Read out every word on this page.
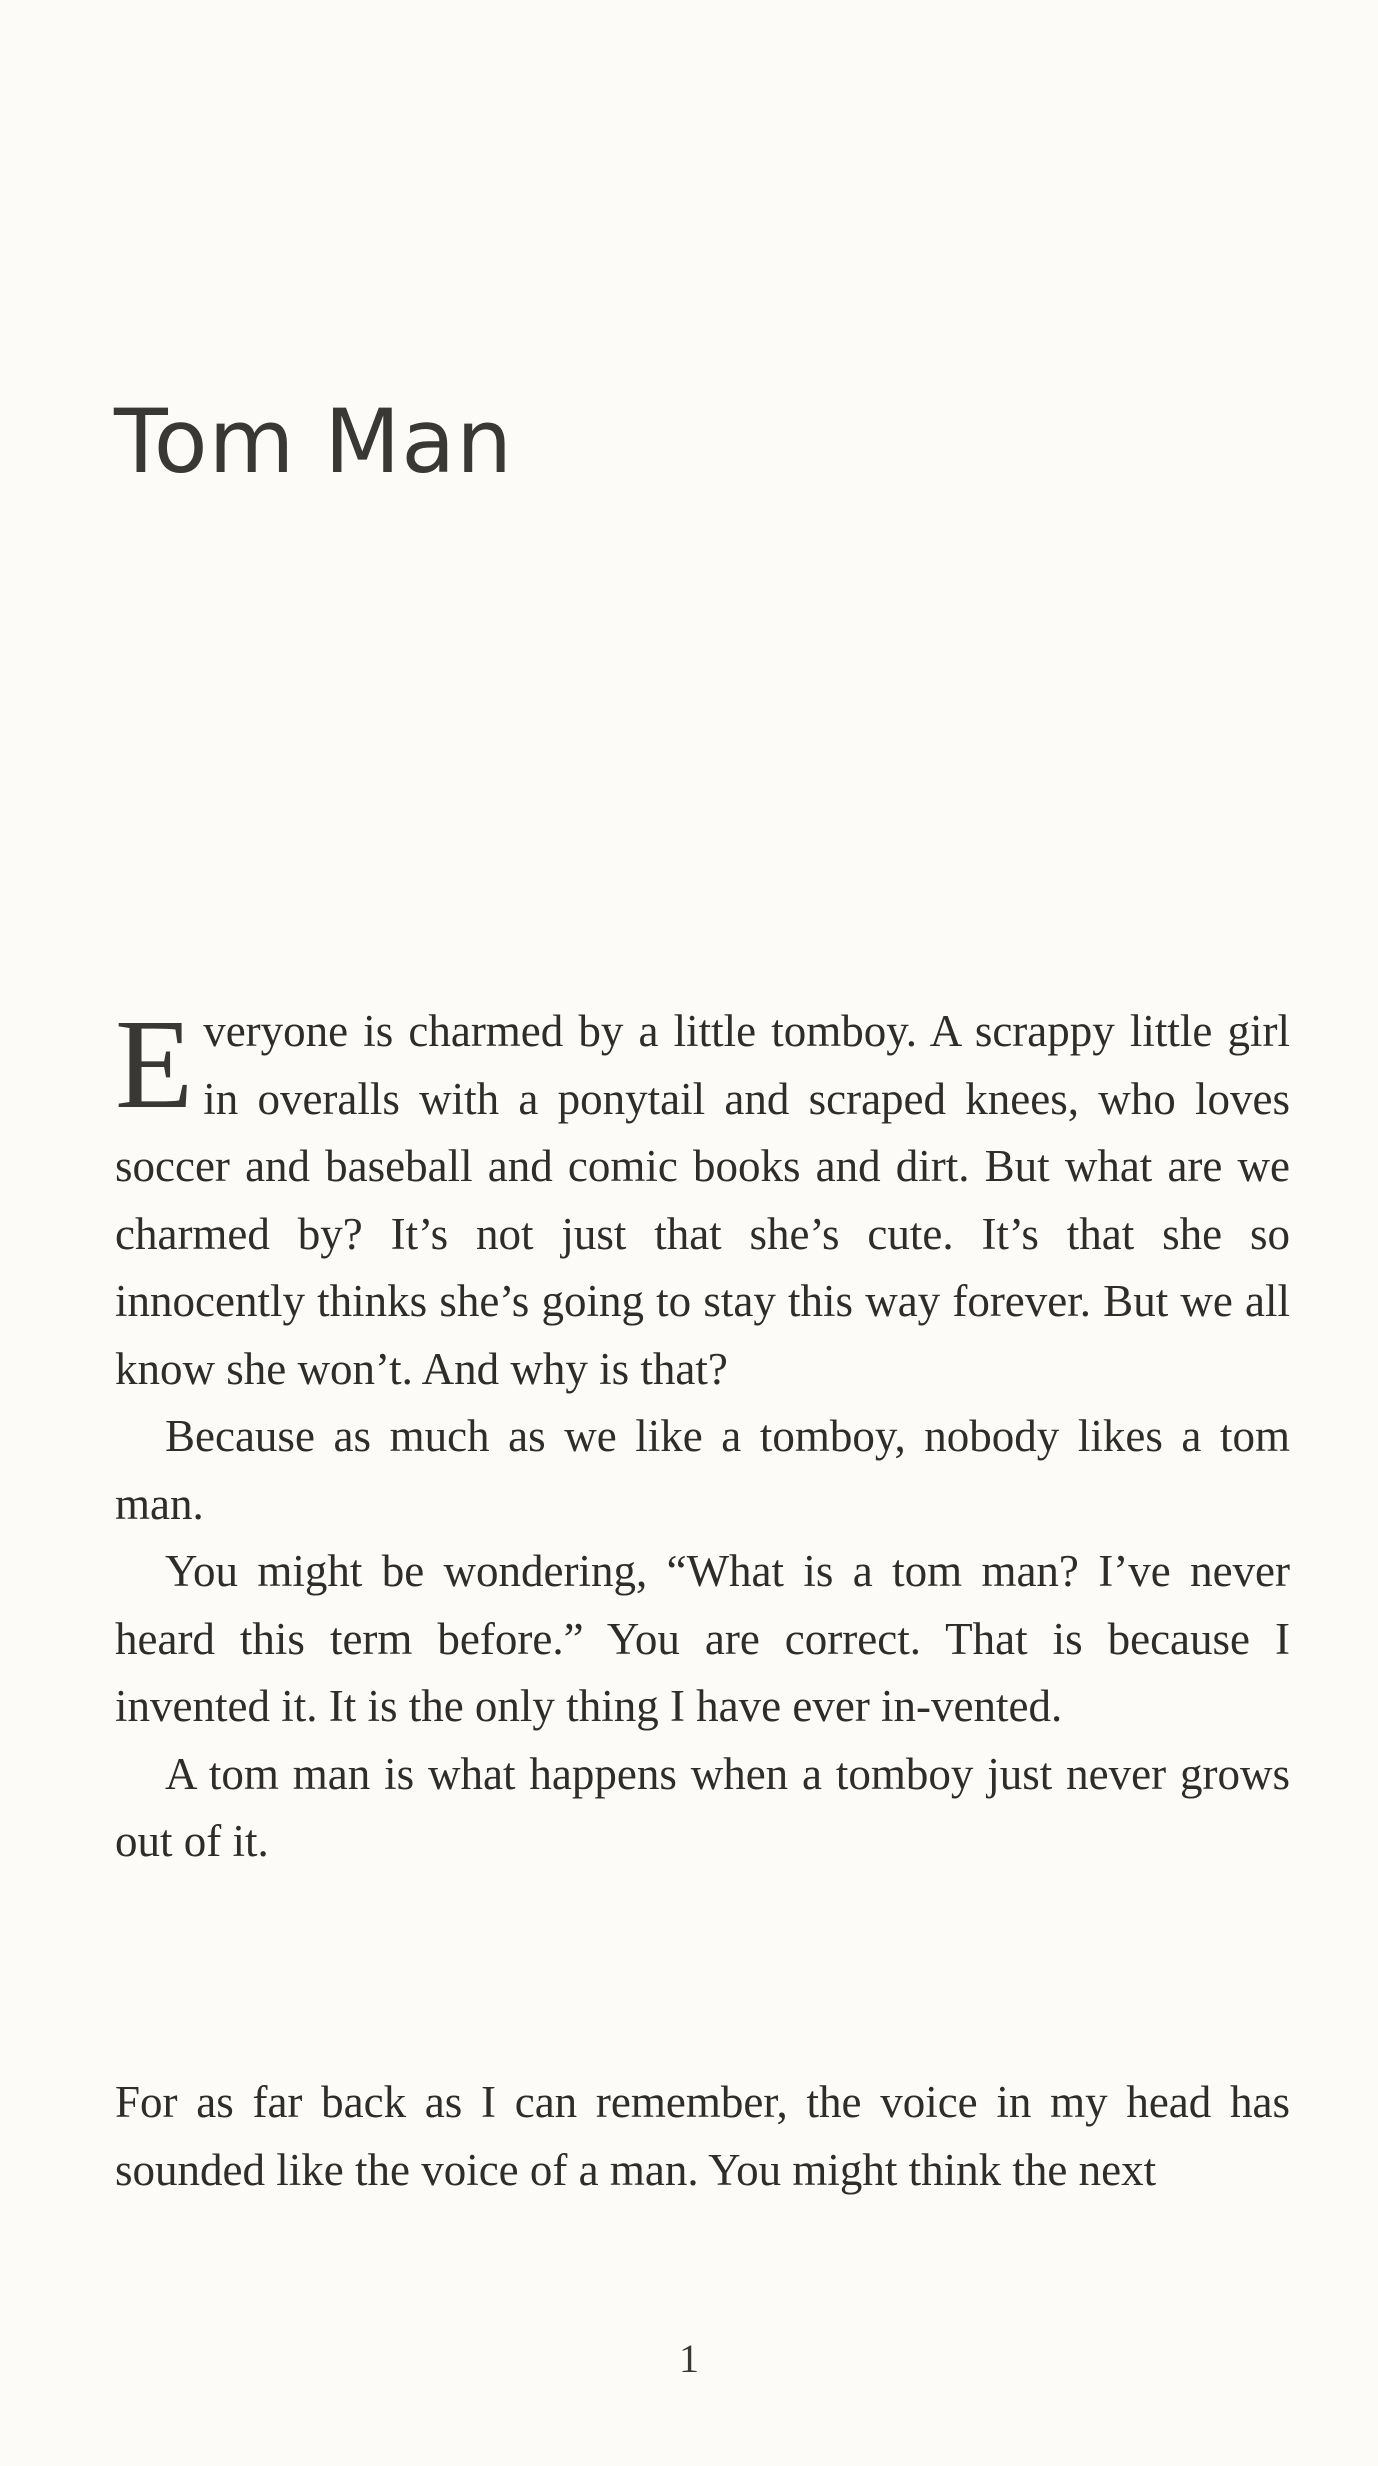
Tom Man

Everyone is charmed by a little tomboy. A scrappy little girl in overalls with a ponytail and scraped knees, who loves soccer and baseball and comic books and dirt. But what are we charmed by? It’s not just that she’s cute. It’s that she so innocently thinks she’s going to stay this way forever. But we all know she won’t. And why is that?

Because as much as we like a tomboy, nobody likes a tom man.

You might be wondering, “What is a tom man? I’ve never heard this term before.” You are correct. That is because I invented it. It is the only thing I have ever in-vented.

A tom man is what happens when a tomboy just never grows out of it.

For as far back as I can remember, the voice in my head has sounded like the voice of a man. You might think the next

1
